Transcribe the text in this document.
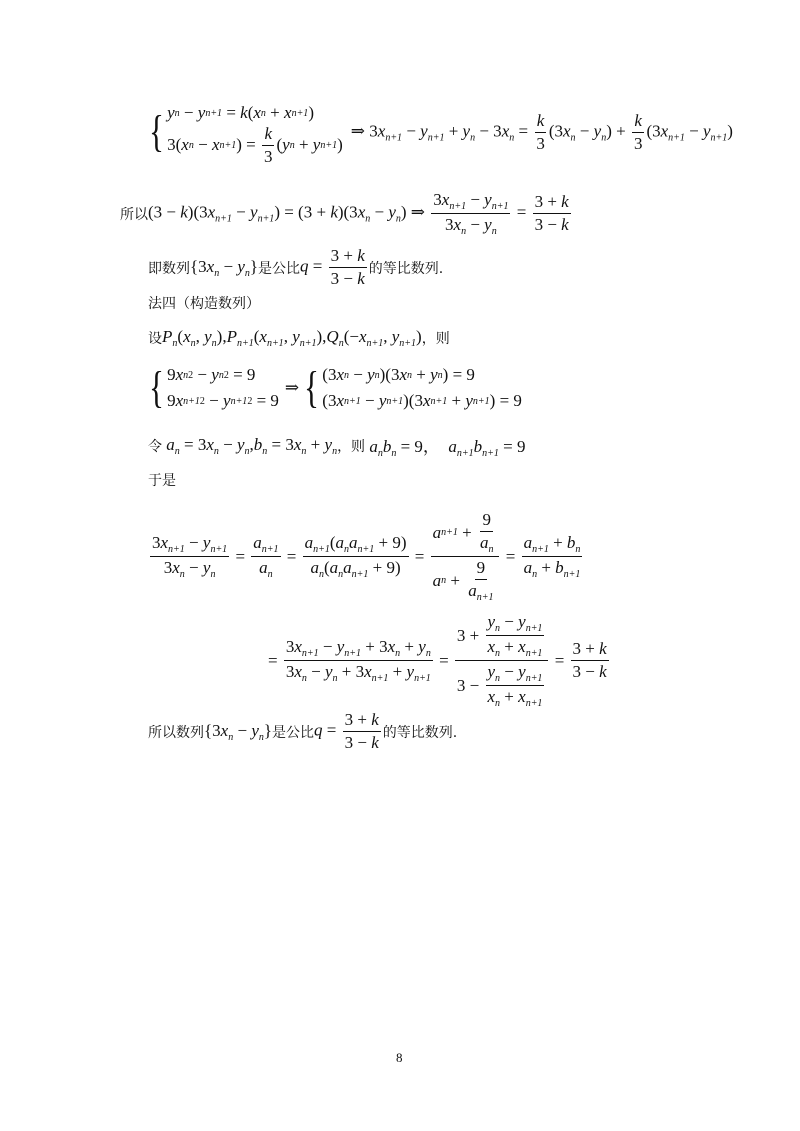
{ y n − y n+1 = k ( x n + x n+1 )
3( x n − x n+1 ) = $\frac{k}{3}$ ( y n + y n+1 )
⇒ $3x_{n+1} - y_{n+1} + y_n - 3x_n = \frac{k}{3} (3x_n - y_n) + \frac{k}{3} (3x_{n+1} - y_{n+1})$
所以 $(3 - k)(3x_{n+1} - y_{n+1}) = (3 + k)(3x_n - y_n)$ ⇒ $\frac{3x_{n+1} - y_{n+1}}{3x_n - y_n} = \frac{3 + k}{3 - k}$
即数列 $\{3x_n - y_n\}$ 是公比 $q = \frac{3 + k}{3 - k}$ 的等比数列.
法四（构造数列）
设 $P_n(x_n$, $y_n),P_{n+1}(x_{n+1}$, $y_{n+1}),Q_n(-x_{n+1}$, $y_{n+1}$) ，则
{ 9 x n 2 − y n 2 = 9
9 x n+1 2 − y n+1 2 = 9
⇒ { (3 x n − y n )(3 x n + y n ) = 9
(3 x n+1 − y n+1 )(3 x n+1 + y n+1 ) = 9
令 $a_n = 3x_n - y_n,b_n = 3x_n + y_n$ ，则 $a_nb_n = 9$，  $a_{n+1}b_{n+1} = 9$
于是
$\frac{3x_{n+1} - y_{n+1}}{3x_n - y_n} = \frac{a_{n+1}}{a_n} = \frac{a_{n+1}(a_na_{n+1} + 9)}{a_n(a_na_{n+1} + 9)} = \frac{a n+1 + \frac{9}{a_n}}{a n + \frac{9}{a_{n+1}}} = \frac{a_{n+1} + b_n}{a_n + b_{n+1}}$
= $\frac{3x_{n+1} - y_{n+1} + 3x_n + y_n}{3x_n - y_n + 3x_{n+1} + y_{n+1}} = \frac{3 + \frac{y_n - y_{n+1}}{x_n + x_{n+1}}}{3 - \frac{y_n - y_{n+1}}{x_n + x_{n+1}}} = \frac{3 + k}{3 - k}$
所以数列 $\{3x_n - y_n\}$ 是公比 $q = \frac{3 + k}{3 - k}$ 的等比数列.
8
